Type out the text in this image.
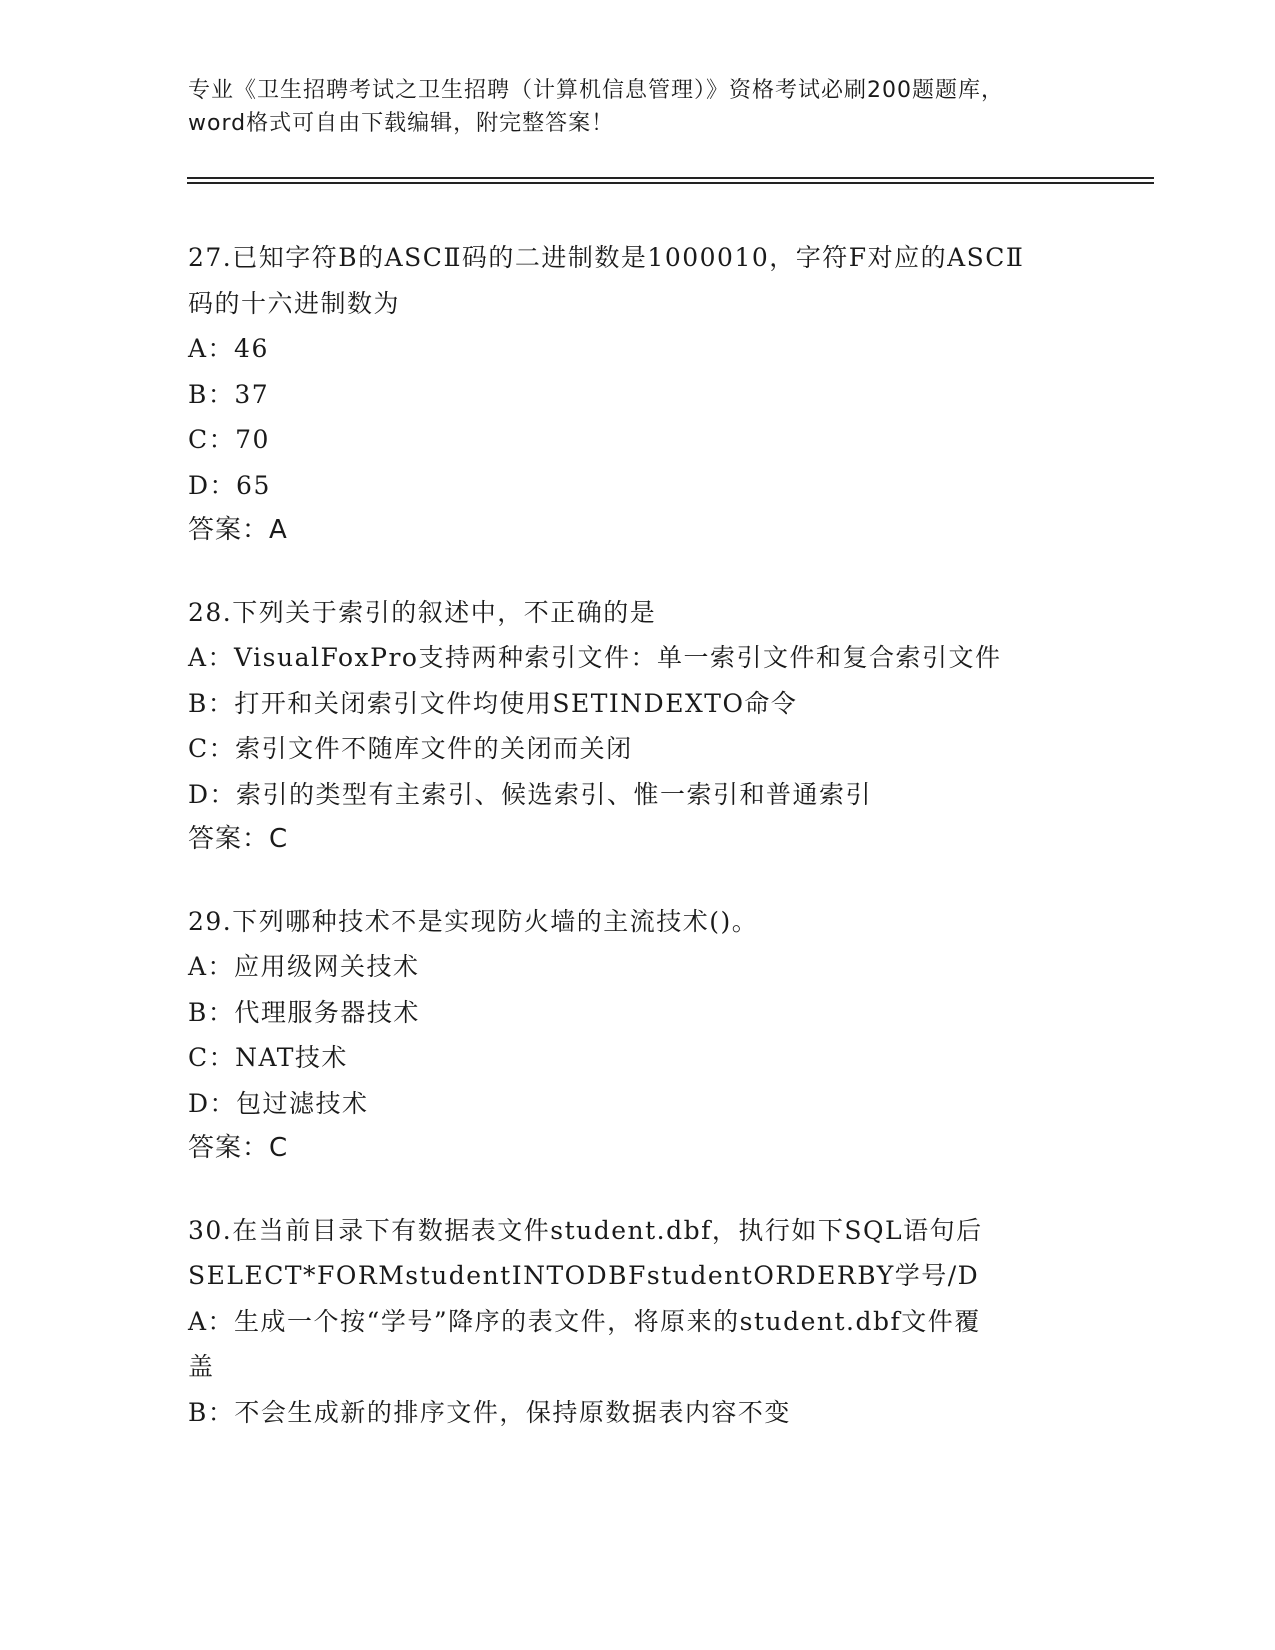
专业《卫生招聘考试之卫生招聘（计算机信息管理）》资格考试必刷200题题库，
word格式可自由下载编辑，附完整答案！
27.已知字符B的ASCⅡ码的二进制数是1000010，字符F对应的ASCⅡ
码的十六进制数为
A：46
B：37
C：70
D：65
答案：A
28.下列关于索引的叙述中，不正确的是
A：VisualFoxPro支持两种索引文件：单一索引文件和复合索引文件
B：打开和关闭索引文件均使用SETINDEXTO命令
C：索引文件不随库文件的关闭而关闭
D：索引的类型有主索引、候选索引、惟一索引和普通索引
答案：C
29.下列哪种技术不是实现防火墙的主流技术()。
A：应用级网关技术
B：代理服务器技术
C：NAT技术
D：包过滤技术
答案：C
30.在当前目录下有数据表文件student.dbf，执行如下SQL语句后
SELECT*FORMstudentINTODBFstudentORDERBY学号/D
A：生成一个按“学号”降序的表文件，将原来的student.dbf文件覆
盖
B：不会生成新的排序文件，保持原数据表内容不变
